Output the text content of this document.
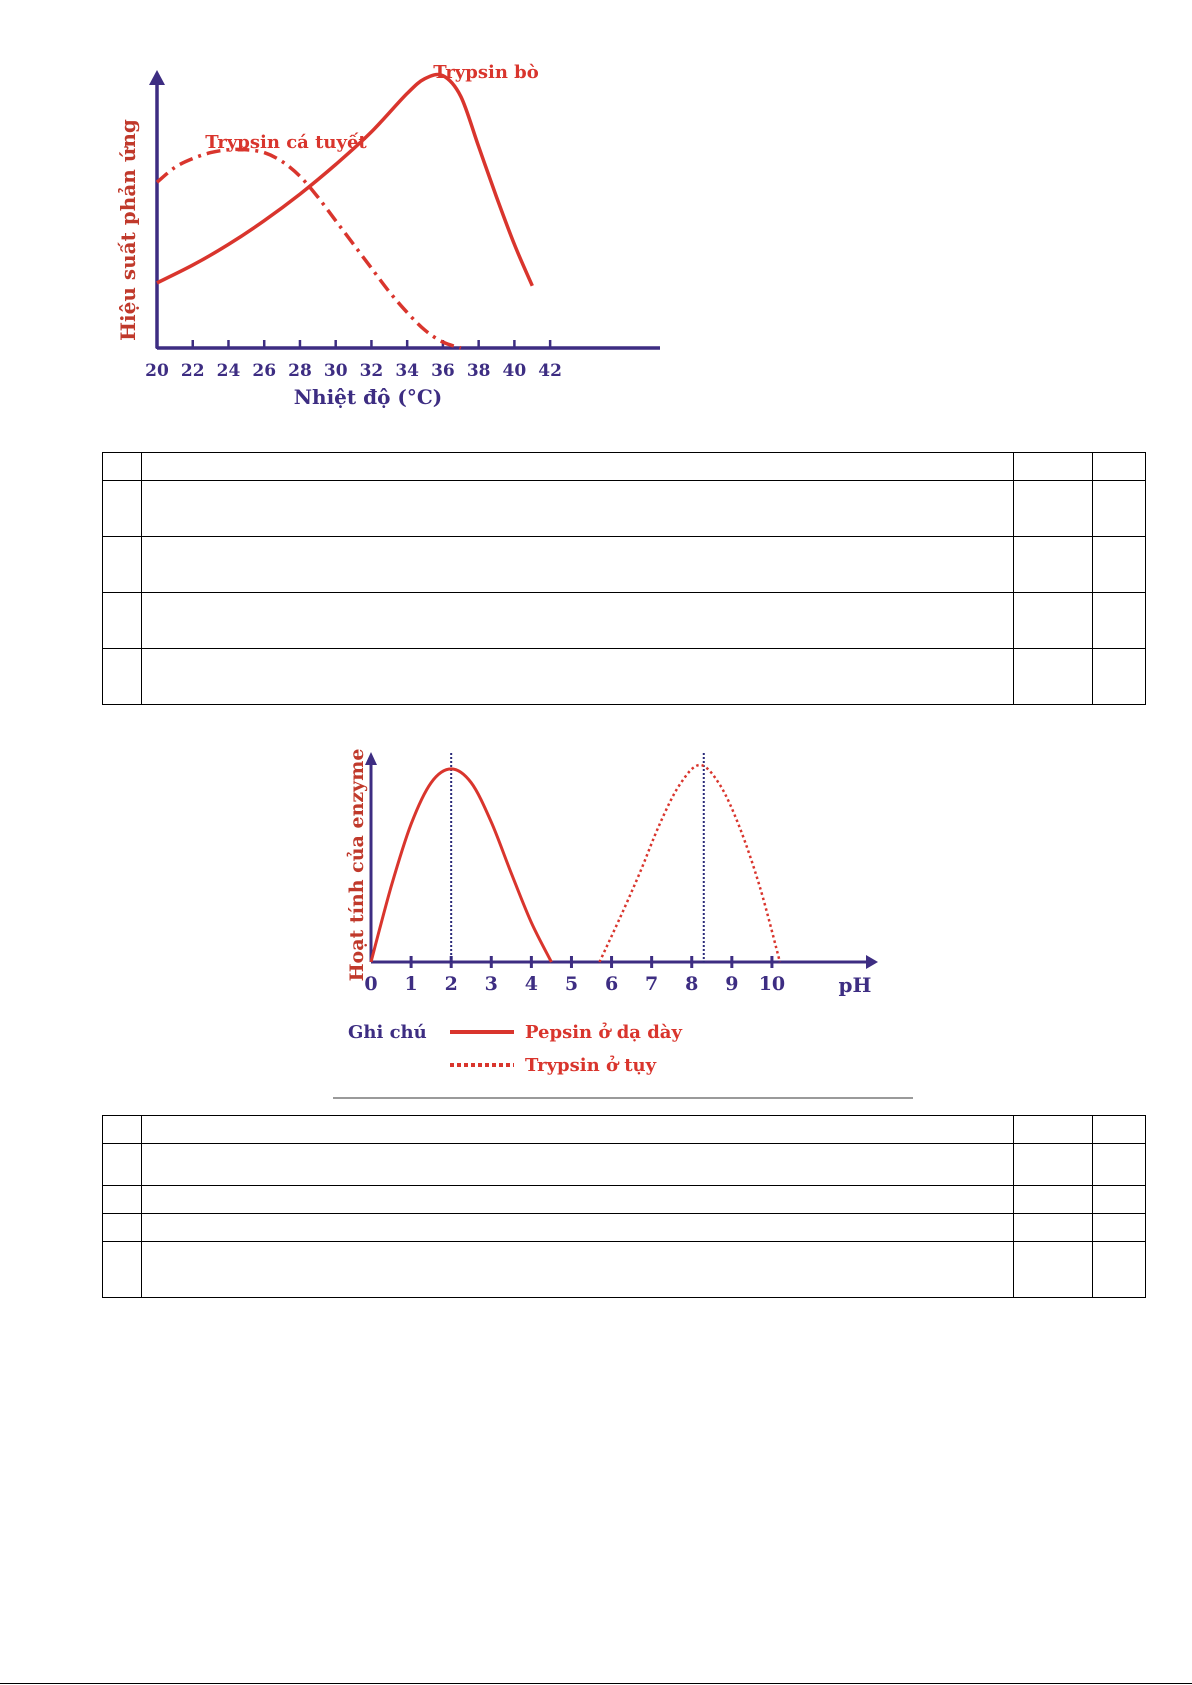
20 22 24 26 28 30 32 34 36 38 40 42
Nhiệt độ (°C)
Hiệu suất phản ứng	Trypsin cá tuyết
Trypsin bò

0 1 2 3 4 5 6 7 8 9 10	pH
Hoạt tính của enzyme
Ghi chú	Pepsin ở dạ dày
Trypsin ở tụy
